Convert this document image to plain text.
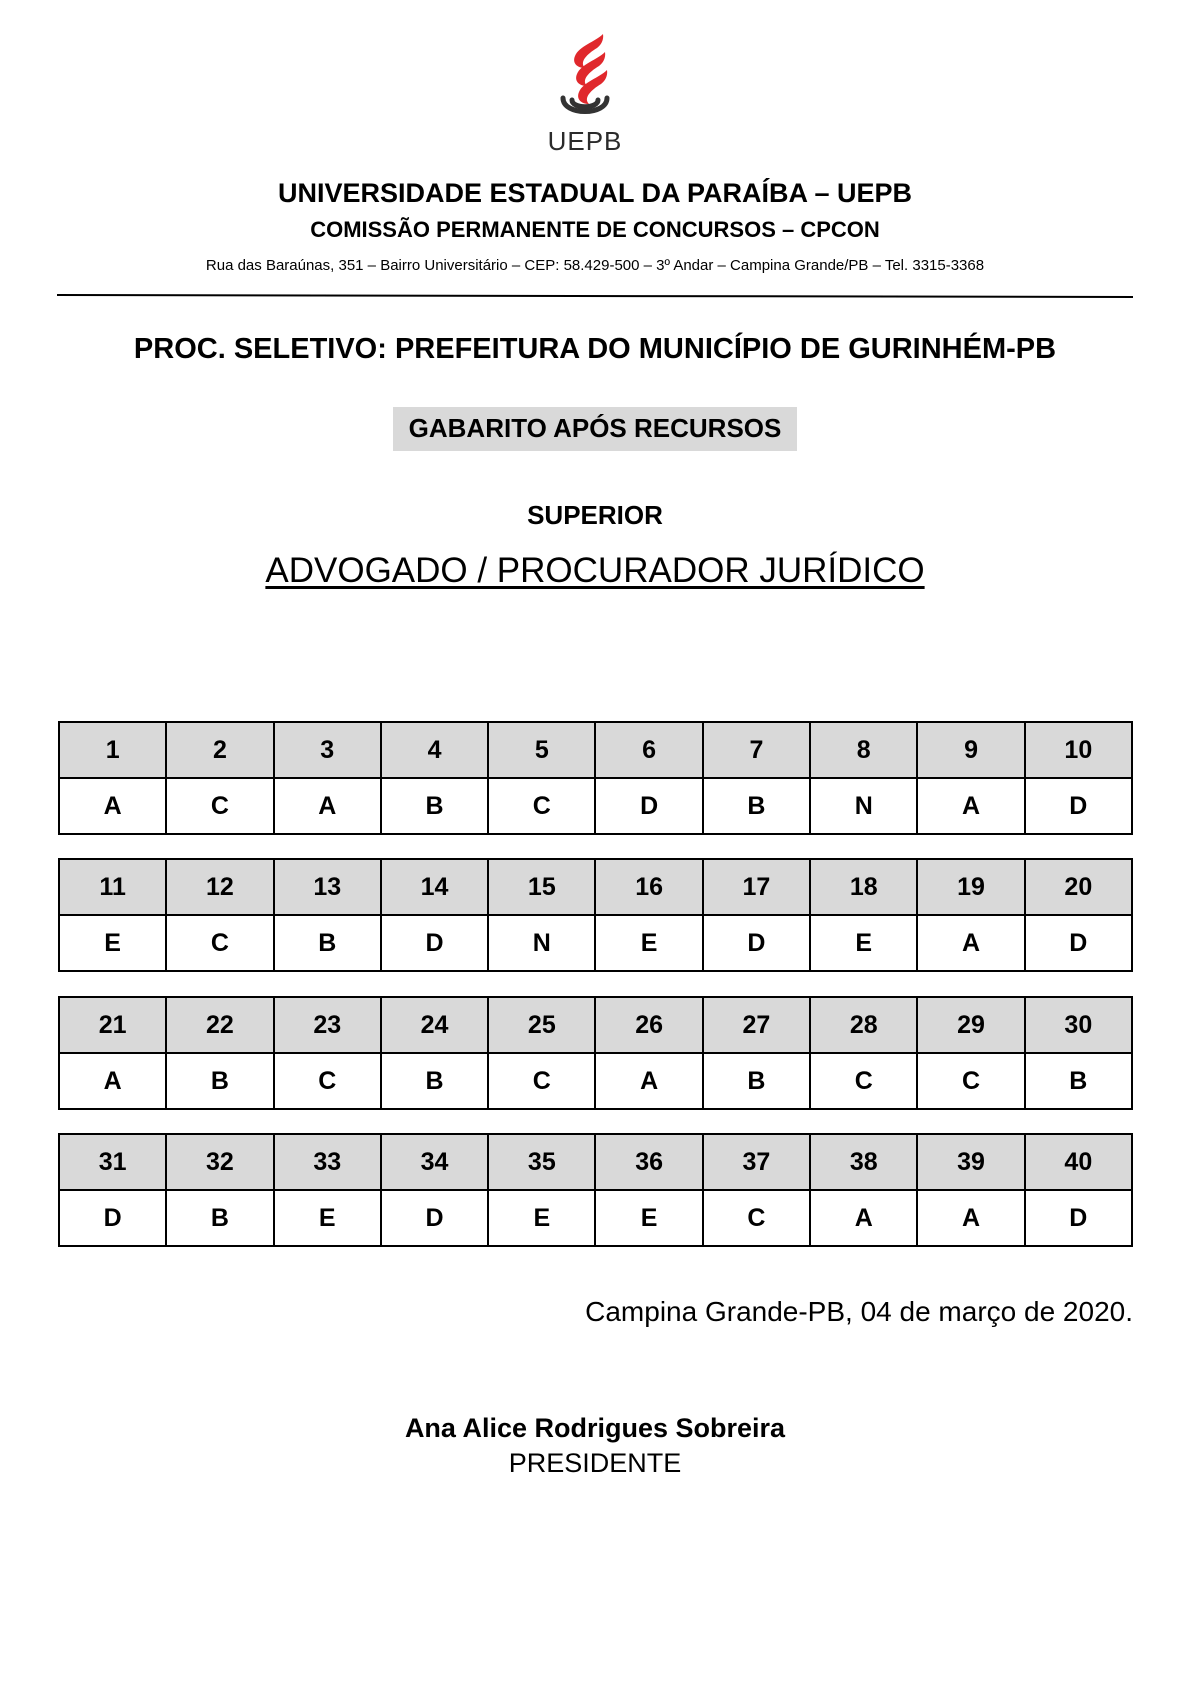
UEPB
UNIVERSIDADE ESTADUAL DA PARAÍBA – UEPB
COMISSÃO PERMANENTE DE CONCURSOS – CPCON
Rua das Baraúnas, 351 – Bairro Universitário – CEP: 58.429-500 – 3º Andar – Campina Grande/PB – Tel. 3315-3368
PROC. SELETIVO: PREFEITURA DO MUNICÍPIO DE GURINHÉM-PB
GABARITO APÓS RECURSOS
SUPERIOR
ADVOGADO / PROCURADOR JURÍDICO
1	2	3	4	5	6	7	8	9	10
A	C	A	B	C	D	B	N	A	D
11	12	13	14	15	16	17	18	19	20
E	C	B	D	N	E	D	E	A	D
21	22	23	24	25	26	27	28	29	30
A	B	C	B	C	A	B	C	C	B
31	32	33	34	35	36	37	38	39	40
D	B	E	D	E	E	C	A	A	D
Campina Grande-PB, 04 de março de 2020.
Ana Alice Rodrigues Sobreira
PRESIDENTE
